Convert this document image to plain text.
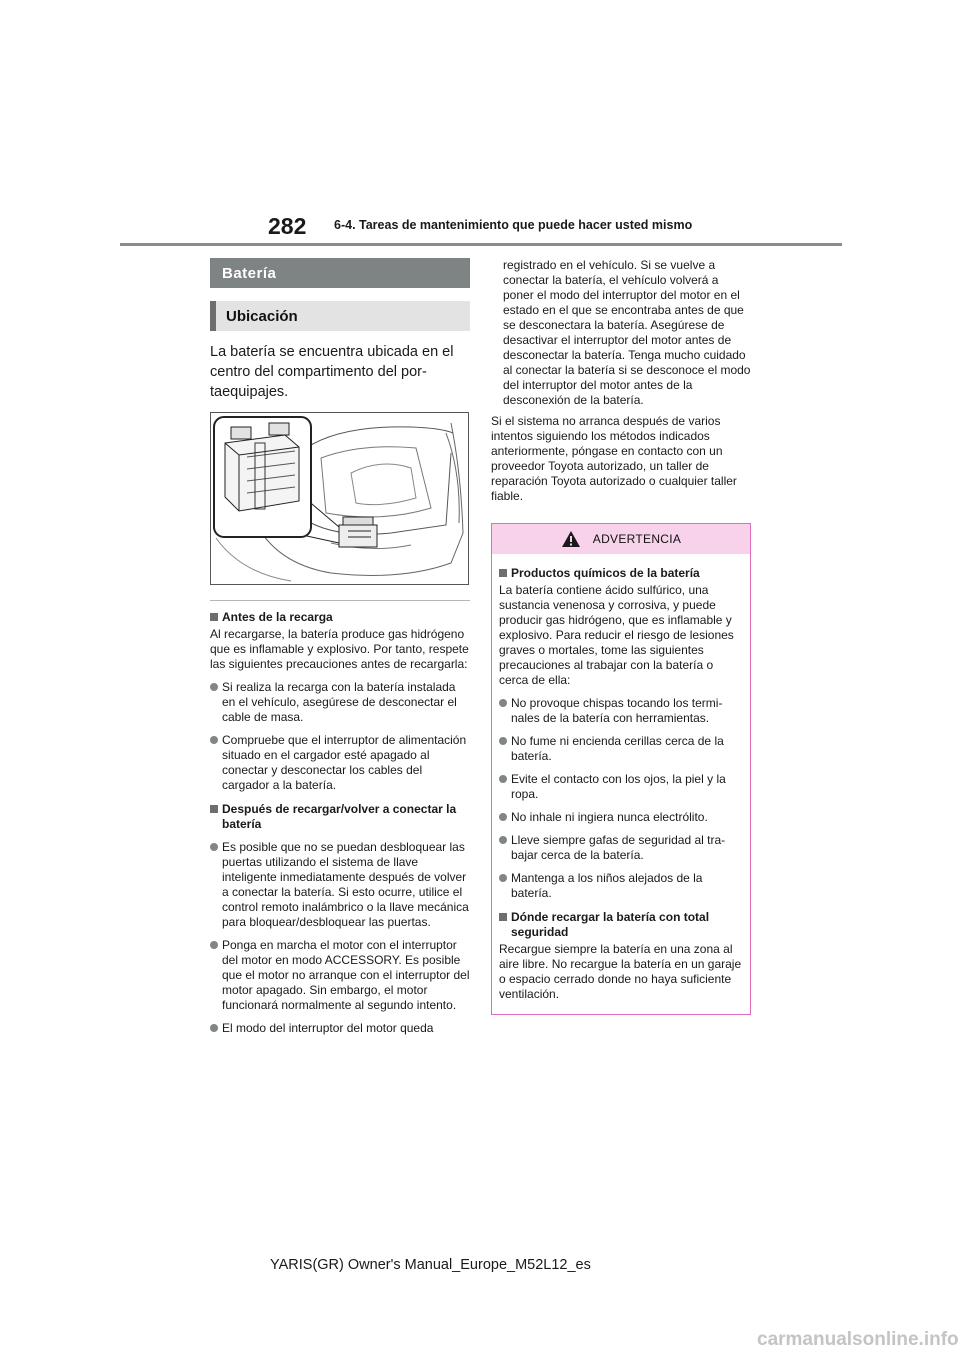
282 6-4. Tareas de mantenimiento que puede hacer usted mismo
Batería
Ubicación
La batería se encuentra ubicada en el centro del compartimento del portaequipajes.
Antes de la recarga
Al recargarse, la batería produce gas hidrógeno que es inflamable y explosivo. Por tanto, respete las siguientes precauciones antes de recargarla:
Si realiza la recarga con la batería instalada en el vehículo, asegúrese de desconectar el cable de masa.
Compruebe que el interruptor de alimentación situado en el cargador esté apagado al conectar y desconectar los cables del cargador a la batería.
Después de recargar/volver a conectar la batería
Es posible que no se puedan desbloquear las puertas utilizando el sistema de llave inteligente inmediatamente después de volver a conectar la batería. Si esto ocurre, utilice el control remoto inalámbrico o la llave mecánica para bloquear/desbloquear las puertas.
Ponga en marcha el motor con el interruptor del motor en modo ACCESSORY. Es posible que el motor no arranque con el interruptor del motor apagado. Sin embargo, el motor funcionará normalmente al segundo intento.
El modo del interruptor del motor queda
registrado en el vehículo. Si se vuelve a conectar la batería, el vehículo volverá a poner el modo del interruptor del motor en el estado en el que se encontraba antes de que se desconectara la batería. Asegúrese de desactivar el interruptor del motor antes de desconectar la batería. Tenga mucho cuidado al conectar la batería si se desconoce el modo del interruptor del motor antes de la desconexión de la batería.
Si el sistema no arranca después de varios intentos siguiendo los métodos indicados anteriormente, póngase en contacto con un proveedor Toyota autorizado, un taller de reparación Toyota autorizado o cualquier taller fiable.
ADVERTENCIA
Productos químicos de la batería
La batería contiene ácido sulfúrico, una sustancia venenosa y corrosiva, y puede producir gas hidrógeno, que es inflamable y explosivo. Para reducir el riesgo de lesiones graves o mortales, tome las siguientes precauciones al trabajar con la batería o cerca de ella:
No provoque chispas tocando los terminales de la batería con herramientas.
No fume ni encienda cerillas cerca de la batería.
Evite el contacto con los ojos, la piel y la ropa.
No inhale ni ingiera nunca electrólito.
Lleve siempre gafas de seguridad al trabajar cerca de la batería.
Mantenga a los niños alejados de la batería.
Dónde recargar la batería con total seguridad
Recargue siempre la batería en una zona al aire libre. No recargue la batería en un garaje o espacio cerrado donde no haya suficiente ventilación.
YARIS(GR) Owner's Manual_Europe_M52L12_es
carmanualsonline.info
